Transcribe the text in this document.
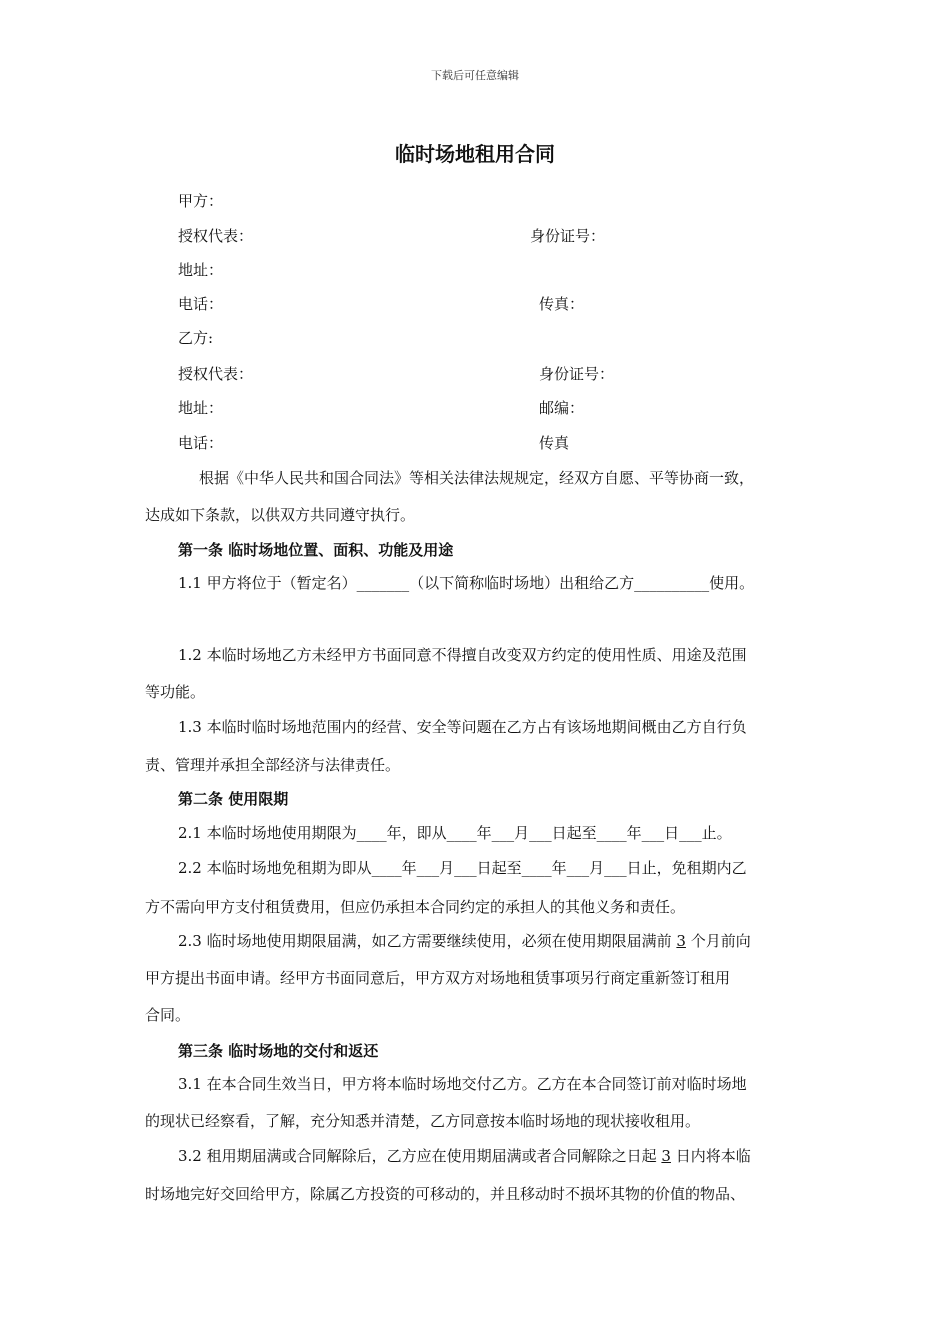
下载后可任意编辑
临时场地租用合同
甲方：
授权代表：	身份证号：
地址：
电话：	传真：
乙方:
授权代表：	身份证号：
地址：	邮编：
电话：	传真
根据《中华人民共和国合同法》等相关法律法规规定，经双方自愿、平等协商一致，
达成如下条款，以供双方共同遵守执行。
第一条 临时场地位置、面积、功能及用途
1.1 甲方将位于（暂定名）_______（以下简称临时场地）出租给乙方__________使用。
1.2 本临时场地乙方未经甲方书面同意不得擅自改变双方约定的使用性质、用途及范围
等功能。
1.3 本临时临时场地范围内的经营、安全等问题在乙方占有该场地期间概由乙方自行负
责、管理并承担全部经济与法律责任。
第二条 使用限期
2.1 本临时场地使用期限为____年，即从____年___月___日起至____年___日___止。
2.2 本临时场地免租期为即从____年___月___日起至____年___月___日止，免租期内乙
方不需向甲方支付租赁费用，但应仍承担本合同约定的承担人的其他义务和责任。
2.3 临时场地使用期限届满，如乙方需要继续使用，必须在使用期限届满前 3 个月前向
甲方提出书面申请。经甲方书面同意后，甲方双方对场地租赁事项另行商定重新签订租用
合同。
第三条 临时场地的交付和返还
3.1 在本合同生效当日，甲方将本临时场地交付乙方。乙方在本合同签订前对临时场地
的现状已经察看，了解，充分知悉并清楚，乙方同意按本临时场地的现状接收租用。
3.2 租用期届满或合同解除后，乙方应在使用期届满或者合同解除之日起 3 日内将本临
时场地完好交回给甲方，除属乙方投资的可移动的，并且移动时不损坏其物的价值的物品、
